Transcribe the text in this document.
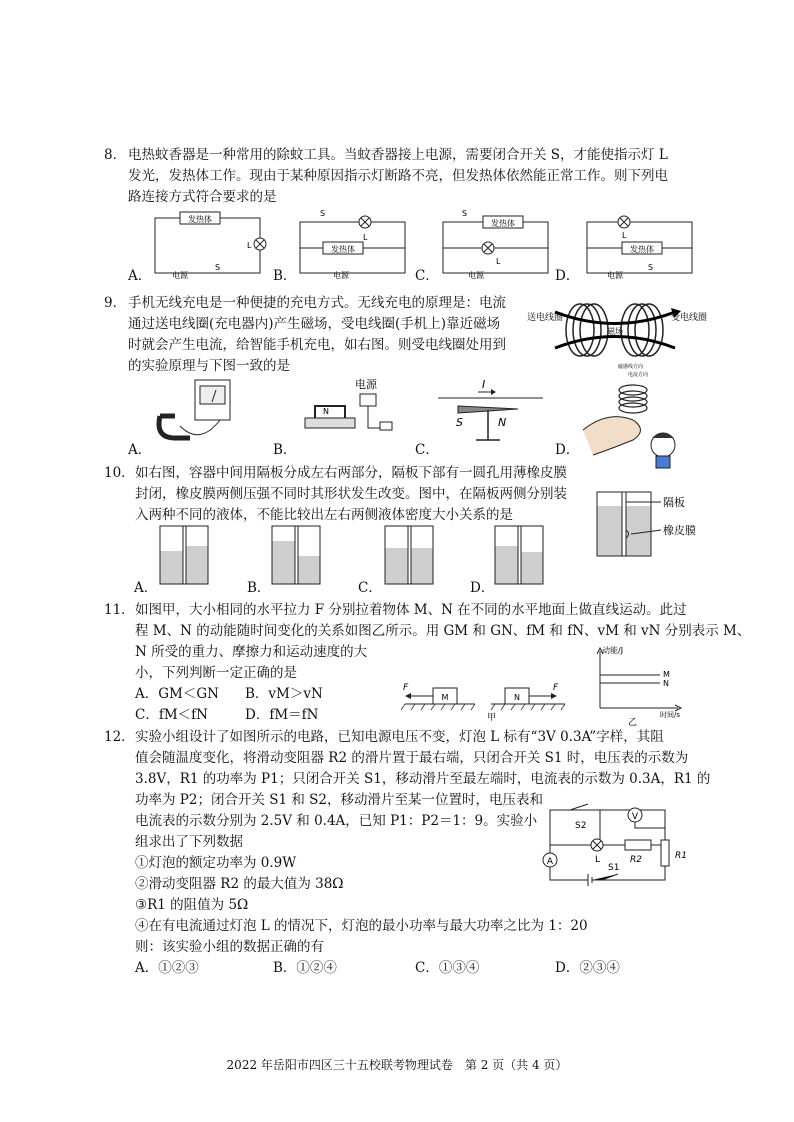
8． 电热蚊香器是一种常用的除蚊工具。当蚊香器接上电源，需要闭合开关 S，才能使指示灯 L
发光，发热体工作。现由于某种原因指示灯断路不亮，但发热体依然能正常工作。则下列电
路连接方式符合要求的是
发热体
L
电源
S
A．
发热体
S
L
电源
B．
发热体
S
L
电源
C．
发热体
L
电源
S
D．
9． 手机无线充电是一种便捷的充电方式。无线充电的原理是：电流
通过送电线圈(充电器内)产生磁场，受电线圈(手机上)靠近磁场
时就会产生电流，给智能手机充电，如右图。则受电线圈处用到
的实验原理与下图一致的是
送电线圈	受电线圈
磁场
A．
电源
N
B．
I
S	N
C．
磁感线方向
电流方向
D．
10． 如右图，容器中间用隔板分成左右两部分，隔板下部有一圆孔用薄橡皮膜
封闭，橡皮膜两侧压强不同时其形状发生改变。图中，在隔板两侧分别装
入两种不同的液体，不能比较出左右两侧液体密度大小关系的是
隔板
橡皮膜
A．	B．	C．	D．
11． 如图甲，大小相同的水平拉力 F 分别拉着物体 M、N 在不同的水平地面上做直线运动。此过
程 M、N 的动能随时间变化的关系如图乙所示。用 GM 和 GN、fM 和 fN、vM 和 vN 分别表示 M、
N 所受的重力、摩擦力和运动速度的大
小，下列判断一定正确的是
A．GM＜GN B．vM＞vN
C．fM＜fN	D．fM＝fN
M
F
N
F
甲
动能/J
时间/s
M
N
乙
12． 实验小组设计了如图所示的电路，已知电源电压不变，灯泡 L 标有“3V 0.3A”字样，其阻
值会随温度变化，将滑动变阻器 R2 的滑片置于最右端，只闭合开关 S1 时，电压表的示数为
3.8V，R1 的功率为 P1；只闭合开关 S1，移动滑片至最左端时，电流表的示数为 0.3A，R1 的
功率为 P2；闭合开关 S1 和 S2，移动滑片至某一位置时，电压表和
电流表的示数分别为 2.5V 和 0.4A，已知 P1：P2＝1：9。实验小
组求出了下列数据
①灯泡的额定功率为 0.9W
②滑动变阻器 R2 的最大值为 38Ω
③R1 的阻值为 5Ω
④在有电流通过灯泡 L 的情况下，灯泡的最小功率与最大功率之比为 1：20
则：该实验小组的数据正确的有
A．①②③	B．①②④	C．①③④	D．②③④
S2
V
L	R2	R1
A
S1
2022 年岳阳市四区三十五校联考物理试卷　第 2 页（共 4 页）
